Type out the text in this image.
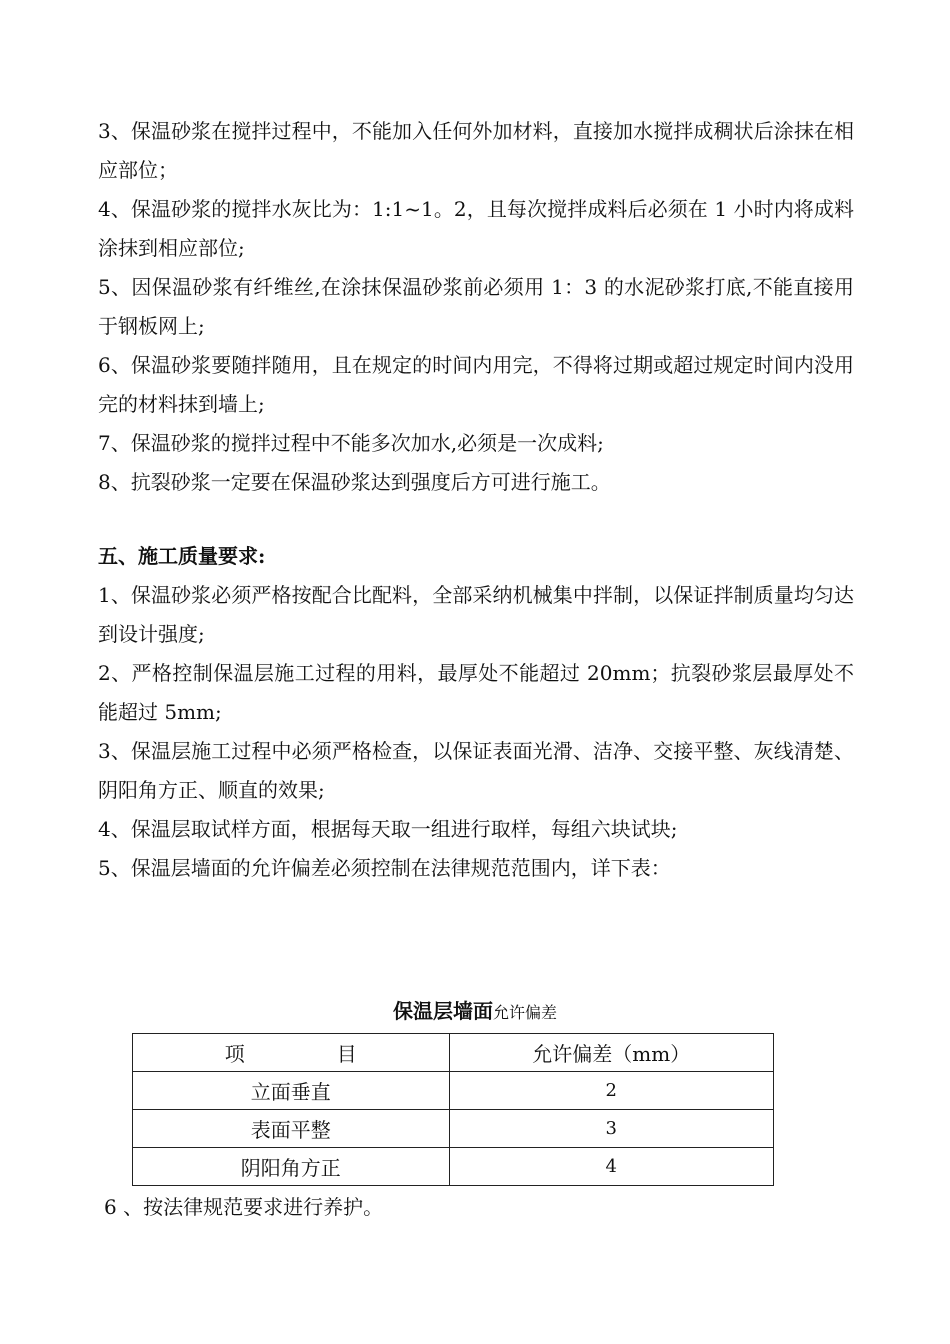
3、保温砂浆在搅拌过程中，不能加入任何外加材料，直接加水搅拌成稠状后涂抹在相应部位；

4、保温砂浆的搅拌水灰比为：1:1~1。2，且每次搅拌成料后必须在 1 小时内将成料涂抹到相应部位;

5、因保温砂浆有纤维丝,在涂抹保温砂浆前必须用 1：3 的水泥砂浆打底,不能直接用于钢板网上;

6、保温砂浆要随拌随用，且在规定的时间内用完，不得将过期或超过规定时间内没用完的材料抹到墙上;

7、保温砂浆的搅拌过程中不能多次加水,必须是一次成料;

8、抗裂砂浆一定要在保温砂浆达到强度后方可进行施工。

五、施工质量要求:

1、保温砂浆必须严格按配合比配料，全部采纳机械集中拌制，以保证拌制质量均匀达到设计强度;

2、严格控制保温层施工过程的用料，最厚处不能超过 20mm；抗裂砂浆层最厚处不能超过 5mm;

3、保温层施工过程中必须严格检查，以保证表面光滑、洁净、交接平整、灰线清楚、阴阳角方正、顺直的效果;

4、保温层取试样方面，根据每天取一组进行取样，每组六块试块;

5、保温层墙面的允许偏差必须控制在法律规范范围内，详下表：

保温层墙面允许偏差
项 目	允许偏差（mm）
立面垂直	2
表面平整	3
阴阳角方正	4

6 、按法律规范要求进行养护。
